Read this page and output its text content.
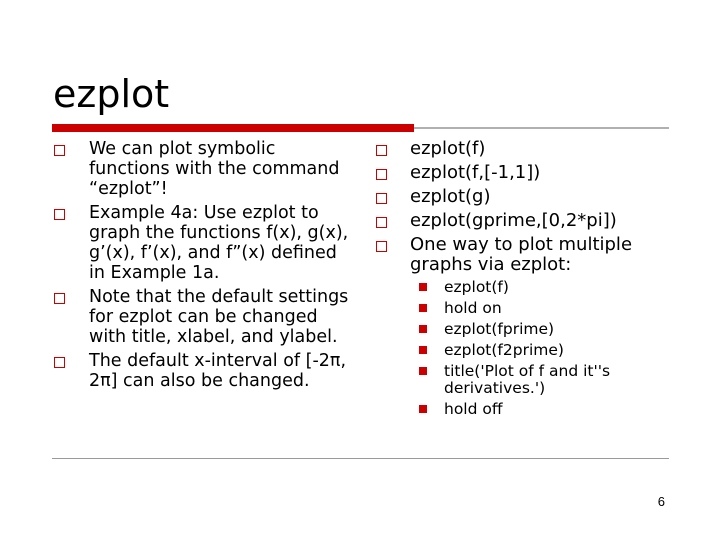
ezplot
We can plot symbolic functions with the command “ezplot”!
Example 4a: Use ezplot to graph the functions f(x), g(x), g’(x), f’(x), and f”(x) defined in Example 1a.
Note that the default settings for ezplot can be changed with title, xlabel, and ylabel.
The default x-interval of [-2π, 2π] can also be changed.
ezplot(f)
ezplot(f,[-1,1])
ezplot(g)
ezplot(gprime,[0,2*pi])
One way to plot multiple graphs via ezplot:
ezplot(f)
hold on
ezplot(fprime)
ezplot(f2prime)
title('Plot of f and it''s derivatives.')
hold off
6
